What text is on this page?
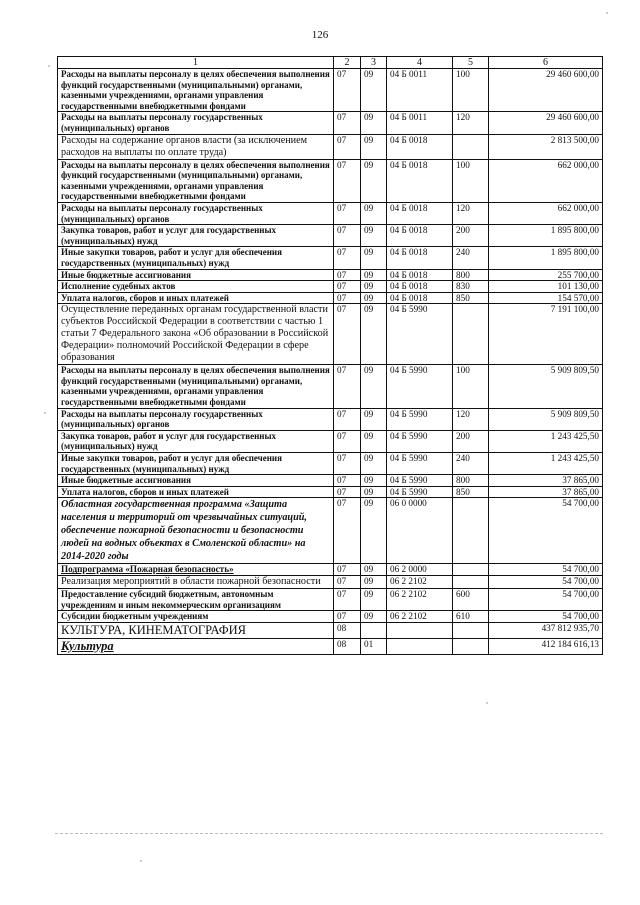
126
1	2	3	4	5	6
Расходы на выплаты персоналу в целях обеспечения выполнения функций государственными (муниципальными) органами, казенными учреждениями, органами управления государственными внебюджетными фондами	07	09	04 Б 0011	100	29 460 600,00
Расходы на выплаты персоналу государственных (муниципальных) органов	07	09	04 Б 0011	120	29 460 600,00
Расходы на содержание органов власти (за исключением расходов на выплаты по оплате труда)	07	09	04 Б 0018		2 813 500,00
Расходы на выплаты персоналу в целях обеспечения выполнения функций государственными (муниципальными) органами, казенными учреждениями, органами управления государственными внебюджетными фондами	07	09	04 Б 0018	100	662 000,00
Расходы на выплаты персоналу государственных (муниципальных) органов	07	09	04 Б 0018	120	662 000,00
Закупка товаров, работ и услуг для государственных (муниципальных) нужд	07	09	04 Б 0018	200	1 895 800,00
Иные закупки товаров, работ и услуг для обеспечения государственных (муниципальных) нужд	07	09	04 Б 0018	240	1 895 800,00
Иные бюджетные ассигнования	07	09	04 Б 0018	800	255 700,00
Исполнение судебных актов	07	09	04 Б 0018	830	101 130,00
Уплата налогов, сборов и иных платежей	07	09	04 Б 0018	850	154 570,00
Осуществление переданных органам государственной власти субъектов Российской Федерации в соответствии с частью 1 статьи 7 Федерального закона «Об образовании в Российской Федерации» полномочий Российской Федерации в сфере образования	07	09	04 Б 5990		7 191 100,00
Расходы на выплаты персоналу в целях обеспечения выполнения функций государственными (муниципальными) органами, казенными учреждениями, органами управления государственными внебюджетными фондами	07	09	04 Б 5990	100	5 909 809,50
Расходы на выплаты персоналу государственных (муниципальных) органов	07	09	04 Б 5990	120	5 909 809,50
Закупка товаров, работ и услуг для государственных (муниципальных) нужд	07	09	04 Б 5990	200	1 243 425,50
Иные закупки товаров, работ и услуг для обеспечения государственных (муниципальных) нужд	07	09	04 Б 5990	240	1 243 425,50
Иные бюджетные ассигнования	07	09	04 Б 5990	800	37 865,00
Уплата налогов, сборов и иных платежей	07	09	04 Б 5990	850	37 865,00
Областная государственная программа «Защита населения и территорий от чрезвычайных ситуаций, обеспечение пожарной безопасности и безопасности людей на водных объектах в Смоленской области» на 2014-2020 годы	07	09	06 0 0000		54 700,00
Подпрограмма «Пожарная безопасность»	07	09	06 2 0000		54 700,00
Реализация мероприятий в области пожарной безопасности	07	09	06 2 2102		54 700,00
Предоставление субсидий бюджетным, автономным учреждениям и иным некоммерческим организациям	07	09	06 2 2102	600	54 700,00
Субсидии бюджетным учреждениям	07	09	06 2 2102	610	54 700,00
КУЛЬТУРА, КИНЕМАТОГРАФИЯ	08				437 812 935,70
Культура	08	01			412 184 616,13
